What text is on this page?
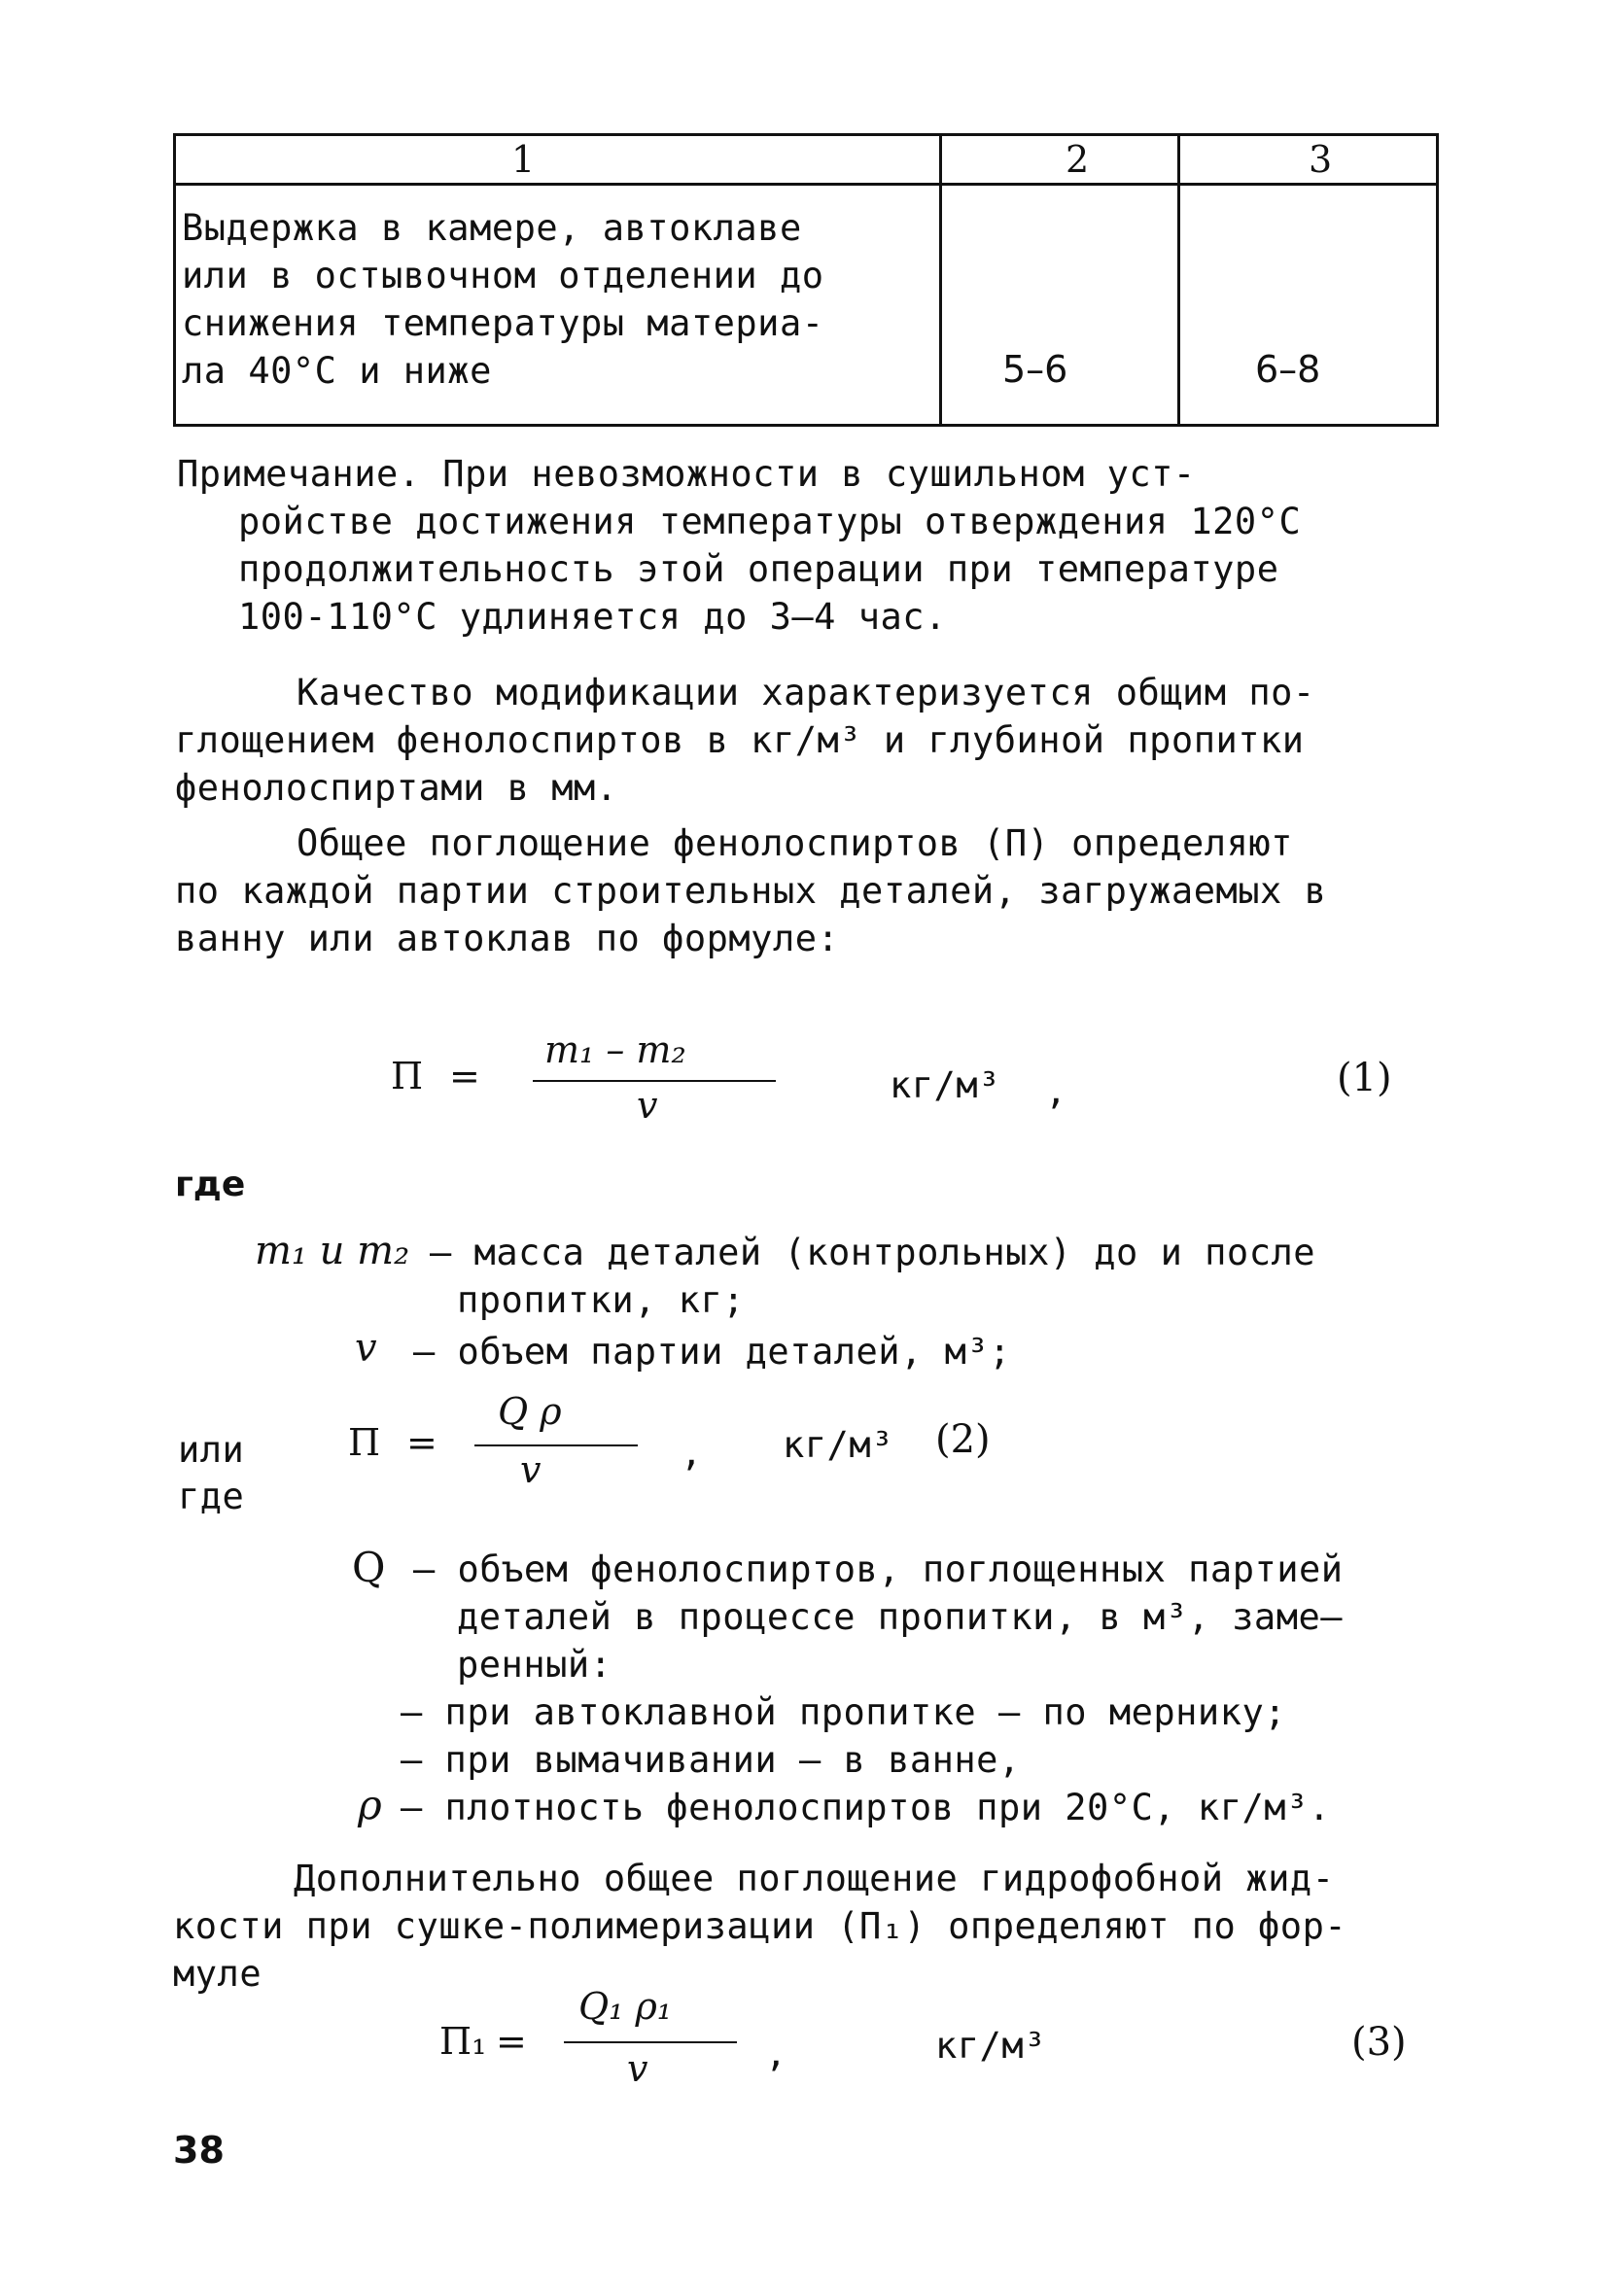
1	2	3
Выдержка в камере, автоклаве
или в остывочном отделении до
снижения температуры материа-
ла 40°С и ниже	5–6	6–8
Примечание. При невозможности в сушильном уст-
ройстве достижения температуры отверждения 120°С
продолжительность этой операции при температуре
100-110°С удлиняется до 3–4 час.
Качество модификации характеризуется общим по-
глощением фенолоспиртов в кг/м³ и глубиной пропитки
фенолоспиртами в мм.
Общее поглощение фенолоспиртов (П) определяют
по каждой партии строительных деталей, загружаемых в
ванну или автоклав по формуле:
П =
m₁ – m₂
v	кг/м³ ,	(1)
где
m₁ и m₂ – масса деталей (контрольных) до и после
пропитки, кг;
v – объем партии деталей, м³;
или
где
П =
Q ρ
v	, кг/м³ (2)
Q – объем фенолоспиртов, поглощенных партией
деталей в процессе пропитки, в м³, заме–
ренный:
– при автоклавной пропитке – по мернику;
– при вымачивании – в ванне,
ρ – плотность фенолоспиртов при 20°С, кг/м³.
Дополнительно общее поглощение гидрофобной жид-
кости при сушке-полимеризации (П₁) определяют по фор-
муле
П₁ =
Q₁ ρ₁
v	,	кг/м³	(3)
38
